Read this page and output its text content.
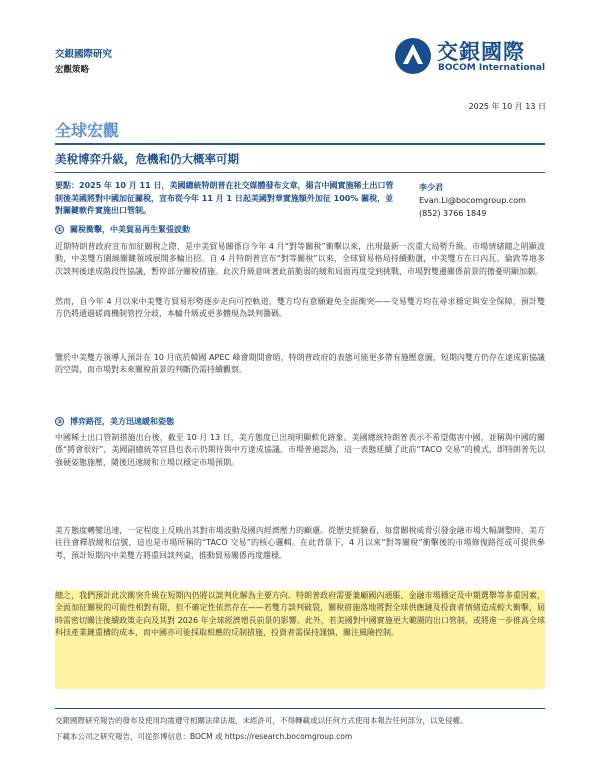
交銀國際研究
宏觀策略
交銀國際
BOCOM International
2025 年 10 月 13 日
全球宏觀
美稅博弈升級，危機和仍大概率可期
要點：2025 年 10 月 11 日，美國總統特朗普在社交媒體發布文章，揚言中國實施稀土出口管制後美國將對中國加征關稅，宣布從今年 11 月 1 日起美國對華實施額外加征 100% 關稅，並對關鍵軟件實施出口管制。
李少君
Evan.Li@bocomgroup.com
(852) 3766 1849
① 關稅衝擊，中美貿易再生緊張波動
近期特朗普政府宣布加征關稅之際，是中美貿易關係自今年 4 月“對等關稅”衝擊以來，出現最新一次重大局勢升級。市場情緒隨之明顯波動，中美雙方圍繞關鍵領域展開多輪出招。自 4 月特朗普宣布“對等關稅”以來，全球貿易格局持續動盪，中美雙方在日內瓦、倫敦等地多次談判後達成階段性協議，暫停部分關稅措施。此次升級意味著此前脆弱的緩和局面再度受到挑戰，市場對雙邊關係前景的擔憂明顯加劇。
然而，自今年 4 月以來中美雙方貿易形勢逐步走向可控軌道，雙方均有意願避免全面衝突——交易雙方均在尋求穩定與安全保障，預計雙方仍將通過磋商機制管控分歧，本輪升級或更多體現為談判籌碼。
鑒於中美雙方領導人預計在 10 月底於韓國 APEC 峰會期間會晤，特朗普政府的表態可能更多帶有施壓意圖，短期內雙方仍存在達成新協議的空間，而市場對未來關稅前景的判斷仍需持續觀察。
② 博弈路徑，美方迅速緩和姿態
中國稀土出口管制措施出台後，截至 10 月 13 日，美方態度已出現明顯軟化跡象。美國總統特朗普表示不希望傷害中國，並稱與中國的關係“將會很好”，美國副總統等官員也表示仍期待與中方達成協議。市場普遍認為，這一表態延續了此前“TACO 交易”的模式，即特朗普先以強硬姿態施壓，隨後迅速緩和立場以穩定市場預期。
美方態度轉變迅速，一定程度上反映出其對市場波動及國內經濟壓力的顧慮。從歷史經驗看，每當關稅威脅引發金融市場大幅調整時，美方往往會釋放緩和信號，這也是市場所稱的“TACO 交易”的核心邏輯。在此背景下，4 月以來“對等關稅”衝擊後的市場修復路徑或可提供參考，預計短期內中美雙方將重回談判桌，推動貿易關係再度趨穩。
總之，我們預計此次衝突升級在短期內仍將以談判化解為主要方向。特朗普政府需要兼顧國內通脹、金融市場穩定及中期選舉等多重因素，全面加征關稅的可能性相對有限，但不確定性依然存在——若雙方談判破裂，關稅措施落地將對全球供應鏈及投資者情緒造成較大衝擊，屆時需密切關注後續政策走向及其對 2026 年全球經濟增長前景的影響。此外，若美國對中國實施更大範圍的出口管制，或將進一步推高全球科技產業鏈重構的成本，而中國亦可能採取相應的反制措施，投資者需保持謹慎，關注風險控制。
交銀國際研究報告的發布及使用均需遵守相關法律法規，未經許可，不得轉載或以任何方式使用本報告任何部分，以免侵權。
下載本公司之研究報告，可從彭博信息：BOCM 或 https://research.bocomgroup.com
